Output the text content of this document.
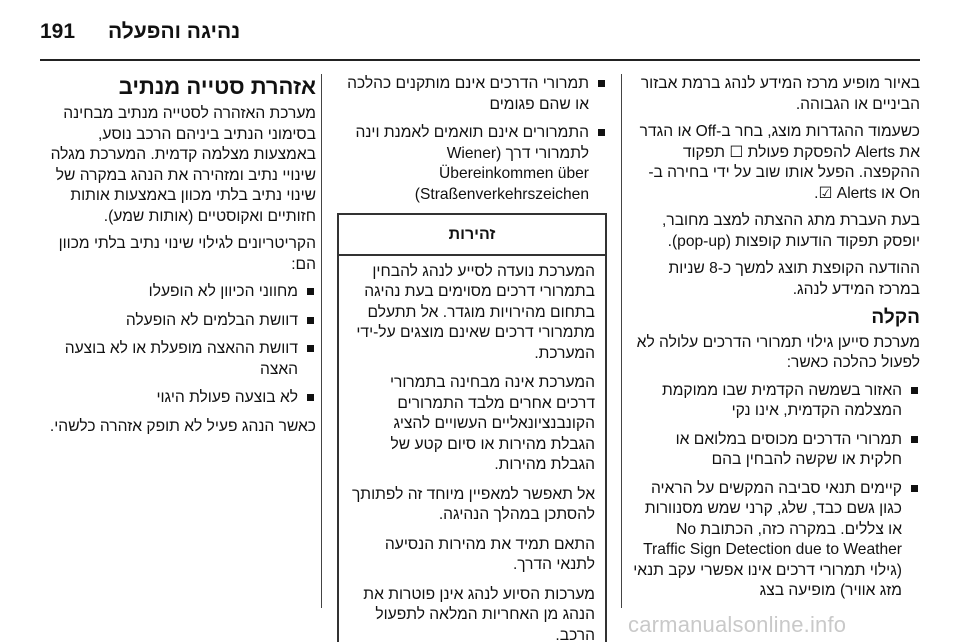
191 נהיגה והפעלה

באיור מופיע מרכז המידע לנהג ברמת אבזור הביניים או הגבוהה.

כשעמוד ההגדרות מוצג, בחר ב-Off או הגדר את Alerts להפסקת פעולת ☐ תפקוד ההקפצה. הפעל אותו שוב על ידי בחירה ב-On או Alerts ☑.

בעת העברת מתג ההצתה למצב מחובר, יופסק תפקוד הודעות קופצות (pop-up).

ההודעה הקופצת תוצג למשך כ-8 שניות במרכז המידע לנהג.

הקלה

מערכת סייען גילוי תמרורי הדרכים עלולה לא לפעול כהלכה כאשר:

האזור בשמשה הקדמית שבו ממוקמת המצלמה הקדמית, אינו נקי
תמרורי הדרכים מכוסים במלואם או חלקית או שקשה להבחין בהם
קיימים תנאי סביבה המקשים על הראיה כגון גשם כבד, שלג, קרני שמש מסנוורות או צללים. במקרה כזה, הכתובת No Traffic Sign Detection due to Weather (גילוי תמרורי דרכים אינו אפשרי עקב תנאי מזג אוויר) מופיעה בצג
תמרורי הדרכים אינם מותקנים כהלכה או שהם פגומים
התמרורים אינם תואמים לאמנת וינה לתמרורי דרך (Wiener Übereinkommen über Straßenverkehrszeichen)
זהירות

המערכת נועדה לסייע לנהג להבחין בתמרורי דרכים מסוימים בעת נהיגה בתחום מהירויות מוגדר. אל תתעלם מתמרורי דרכים שאינם מוצגים על-ידי המערכת.

המערכת אינה מבחינה בתמרורי דרכים אחרים מלבד התמרורים הקונבנציונאליים העשויים להציג הגבלת מהירות או סיום קטע של הגבלת מהירות.

אל תאפשר למאפיין מיוחד זה לפתותך להסתכן במהלך הנהיגה.

התאם תמיד את מהירות הנסיעה לתנאי הדרך.

מערכות הסיוע לנהג אינן פוטרות את הנהג מן האחריות המלאה לתפעול הרכב.

אזהרת סטייה מנתיב

מערכת האזהרה לסטייה מנתיב מבחינה בסימוני הנתיב ביניהם הרכב נוסע, באמצעות מצלמה קדמית. המערכת מגלה שינויי נתיב ומזהירה את הנהג במקרה של שינוי נתיב בלתי מכוון באמצעות אותות חזותיים ואקוסטיים (אותות שמע).

הקריטריונים לגילוי שינוי נתיב בלתי מכוון הם:

מחווני הכיוון לא הופעלו
דוושת הבלמים לא הופעלה
דוושת ההאצה מופעלת או לא בוצעה האצה
לא בוצעה פעולת היגוי

כאשר הנהג פעיל לא תופק אזהרה כלשהי.

carmanualsonline.info
